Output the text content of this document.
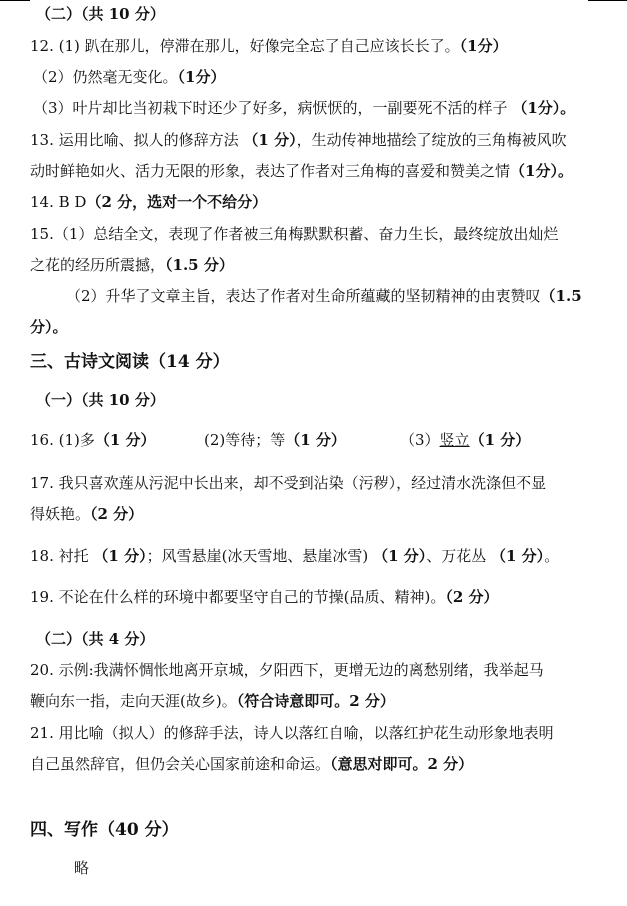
（二）（共 10 分）
12. (1) 趴在那儿，停滞在那儿，好像完全忘了自己应该长长了。（1分）
（2）仍然毫无变化。（1分）
（3）叶片却比当初栽下时还少了好多，病恹恹的，一副要死不活的样子 （1分）。
13. 运用比喻、拟人的修辞方法 （1 分），生动传神地描绘了绽放的三角梅被风吹
动时鲜艳如火、活力无限的形象，表达了作者对三角梅的喜爱和赞美之情（1分）。
14. B D（2 分，选对一个不给分）
15.（1）总结全文，表现了作者被三角梅默默积蓄、奋力生长，最终绽放出灿烂
之花的经历所震撼，（1.5 分）
（2）升华了文章主旨，表达了作者对生命所蕴藏的坚韧精神的由衷赞叹（1.5
分）。
三、古诗文阅读（14 分）
（一）（共 10 分）
16. (1)多（1 分）	(2)等待；等（1 分）	（3）竖立（1 分）
17. 我只喜欢莲从污泥中长出来，却不受到沾染（污秽），经过清水洗涤但不显
得妖艳。（2 分）
18. 衬托 （1 分）；风雪悬崖(冰天雪地、悬崖冰雪) （1 分）、万花丛 （1 分）。
19. 不论在什么样的环境中都要坚守自己的节操(品质、精神)。（2 分）
（二）（共 4 分）
20. 示例:我满怀惆怅地离开京城，夕阳西下，更增无边的离愁别绪，我举起马
鞭向东一指，走向天涯(故乡)。（符合诗意即可。2 分）
21. 用比喻（拟人）的修辞手法，诗人以落红自喻，以落红护花生动形象地表明
自己虽然辞官，但仍会关心国家前途和命运。（意思对即可。2 分）
四、写作（40 分）
略
